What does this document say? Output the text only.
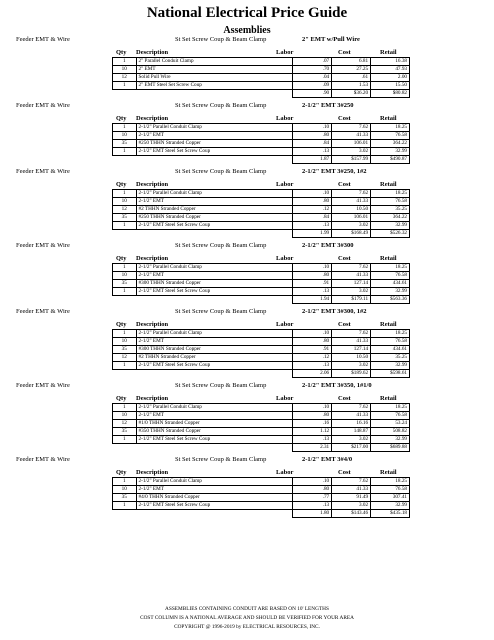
National Electrical Price Guide
Assemblies
Feeder EMT & Wire	St Set Screw Coup & Beam Clamp	2" EMT w/Pull Wire
Qty Description	Labor	Cost	Retail
1	2" Parallel Conduit Clamp	.07	6.81	16.38
10	2" EMT	.70	27.25	47.93
12	Solid Pull Wire	.04	.61	2.00
1	2" EMT Steel Set Screw Coup	.09	1.53	15.50
		.90	$36.20	$80.82
Feeder EMT & Wire	St Set Screw Coup & Beam Clamp	2-1/2" EMT 3#250
Qty Description	Labor	Cost	Retail
1	2-1/2" Parallel Conduit Clamp	.10	7.62	18.25
10	2-1/2" EMT	.80	41.33	76.58
35	#250 THHN Stranded Copper	.84	106.01	364.22
1	2-1/2" EMT Steel Set Screw Coup	.13	3.02	32.99
		1.87	$157.99	$490.87
Feeder EMT & Wire	St Set Screw Coup & Beam Clamp	2-1/2" EMT 3#250, 1#2
Qty Description	Labor	Cost	Retail
1	2-1/2" Parallel Conduit Clamp	.10	7.62	18.25
10	2-1/2" EMT	.80	41.33	76.58
12	#2 THHN Stranded Copper	.12	10.50	35.25
35	#250 THHN Stranded Copper	.84	106.01	364.22
1	2-1/2" EMT Steel Set Screw Coup	.13	3.02	32.99
		1.99	$168.49	$526.32
Feeder EMT & Wire	St Set Screw Coup & Beam Clamp	2-1/2" EMT 3#300
Qty Description	Labor	Cost	Retail
1	2-1/2" Parallel Conduit Clamp	.10	7.62	18.25
10	2-1/2" EMT	.80	41.33	76.58
35	#300 THHN Stranded Copper	.91	127.14	434.61
1	2-1/2" EMT Steel Set Screw Coup	.13	3.02	32.99
		1.94	$179.11	$563.36
Feeder EMT & Wire	St Set Screw Coup & Beam Clamp	2-1/2" EMT 3#300, 1#2
Qty Description	Labor	Cost	Retail
1	2-1/2" Parallel Conduit Clamp	.10	7.62	18.25
10	2-1/2" EMT	.80	41.33	76.58
35	#300 THHN Stranded Copper	.91	127.14	434.61
12	#2 THHN Stranded Copper	.12	10.50	35.25
1	2-1/2" EMT Steel Set Screw Coup	.13	3.02	32.99
		2.06	$189.62	$598.61
Feeder EMT & Wire	St Set Screw Coup & Beam Clamp	2-1/2" EMT 3#350, 1#1/0
Qty Description	Labor	Cost	Retail
1	2-1/2" Parallel Conduit Clamp	.10	7.62	18.25
10	2-1/2" EMT	.80	41.33	76.58
12	#1/0 THHN Stranded Copper	.16	16.16	53.24
35	#350 THHN Stranded Copper	1.12	148.87	508.82
1	2-1/2" EMT Steel Set Screw Coup	.13	3.02	32.99
		2.31	$217.00	$689.88
Feeder EMT & Wire	St Set Screw Coup & Beam Clamp	2-1/2" EMT 3#4/0
Qty Description	Labor	Cost	Retail
1	2-1/2" Parallel Conduit Clamp	.10	7.62	18.25
10	2-1/2" EMT	.80	41.33	76.58
35	#4/0 THHN Stranded Copper	.77	91.49	307.41
1	2-1/2" EMT Steel Set Screw Coup	.13	3.02	32.99
		1.80	$143.46	$435.18
ASSEMBLIES CONTAINING CONDUIT ARE BASED ON 10' LENGTHS
COST COLUMN IS A NATIONAL AVERAGE AND SHOULD BE VERIFIED FOR YOUR AREA
COPYRIGHT @ 1996-2019 by ELECTRICAL RESOURCES, INC.
